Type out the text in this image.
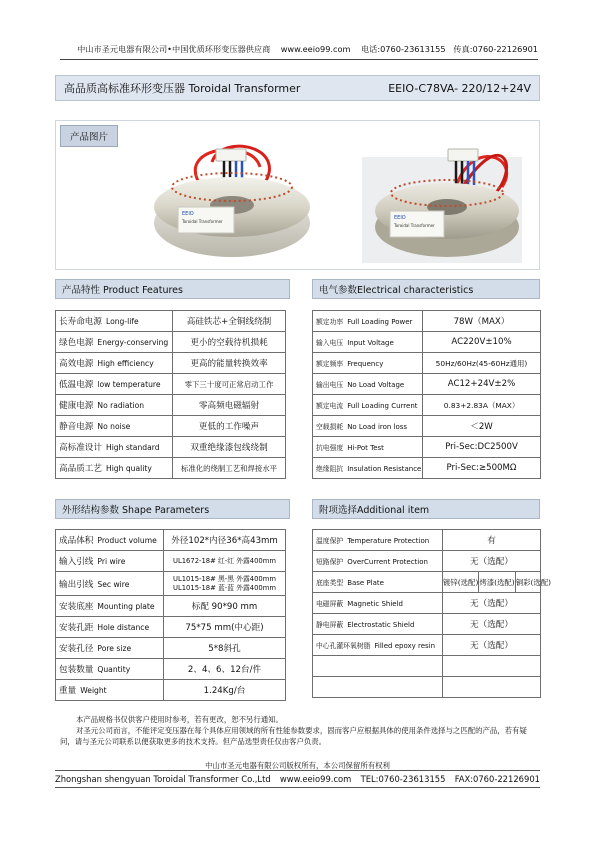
中山市圣元电器有限公司•中国优质环形变压器供应商 www.eeio99.com 电话:0760-23613155 传真:0760-22126901
高品质高标准环形变压器 Toroidal Transformer	EEIO-C78VA- 220/12+24V
产品图片
EEIO
Toroidal Transformer
EEIO
Toroidal Transformer
产品特性 Product Features
长寿命电源 Long-life	高硅铁芯+全铜线绕制
绿色电源 Energy-conserving	更小的空载待机损耗
高效电源 High efficiency	更高的能量转换效率
低温电源 low temperature	零下三十度可正常启动工作
健康电源 No radiation	零高频电磁辐射
静音电源 No noise	更低的工作噪声
高标准设计 High standard	双重绝缘漆包线绕制
高品质工艺 High quality	标准化的绕制工艺和焊接水平
电气参数Electrical characteristics
额定功率 Full Loading Power	78W（MAX）
输入电压 Input Voltage	AC220V±10%
额定频率 Frequency	50Hz/60Hz(45-60Hz通用)
输出电压 No Load Voltage	AC12+24V±2%
额定电流 Full Loading Current	0.83+2.83A（MAX）
空载损耗 No Load iron loss	＜2W
抗电强度 Hi-Pot Test	Pri-Sec:DC2500V
绝缘阻抗 Insulation Resistance	Pri-Sec:≥500MΩ
外形结构参数 Shape Parameters
成品体积 Product volume	外径102*内径36*高43mm
输入引线 Pri wire	UL1672-18# 红-红 外露400mm
输出引线 Sec wire	UL1015-18# 黑-黑 外露400mm
UL1015-18# 蓝-蓝 外露400mm

安装底座 Mounting plate	标配 90*90 mm
安装孔距 Hole distance	75*75 mm(中心距)
安装孔径 Pore size	5*8斜孔
包装数量 Quantity	2、4、6、12台/件
重量 Weight	1.24Kg/台
附项选择Additional item
温度保护 Temperature Protection	有
短路保护 OverCurrent Protection	无（选配）
底座类型 Base Plate	镀锌(选配) 烤漆(选配) 铜彩(选配)

电磁屏蔽 Magnetic Shield	无（选配）
静电屏蔽 Electrostatic Shield	无（选配）
中心孔灌环氧树脂 Filled epoxy resin	无（选配）

本产品规格书仅供客户使用时参考，若有更改，恕不另行通知。

对圣元公司而言，不能评定变压器在每个具体应用领域的所有性能参数要求，固而客户应根据具体的使用条件选择与之匹配的产品，若有疑问，请与圣元公司联系以便获取更多的技术支持。但产品选型责任仅由客户负责。

中山市圣元电器有限公司版权所有，本公司保留所有权利
Zhongshan shengyuan Toroidal Transformer Co.,Ltd www.eeio99.com TEL:0760-23613155 FAX:0760-22126901
